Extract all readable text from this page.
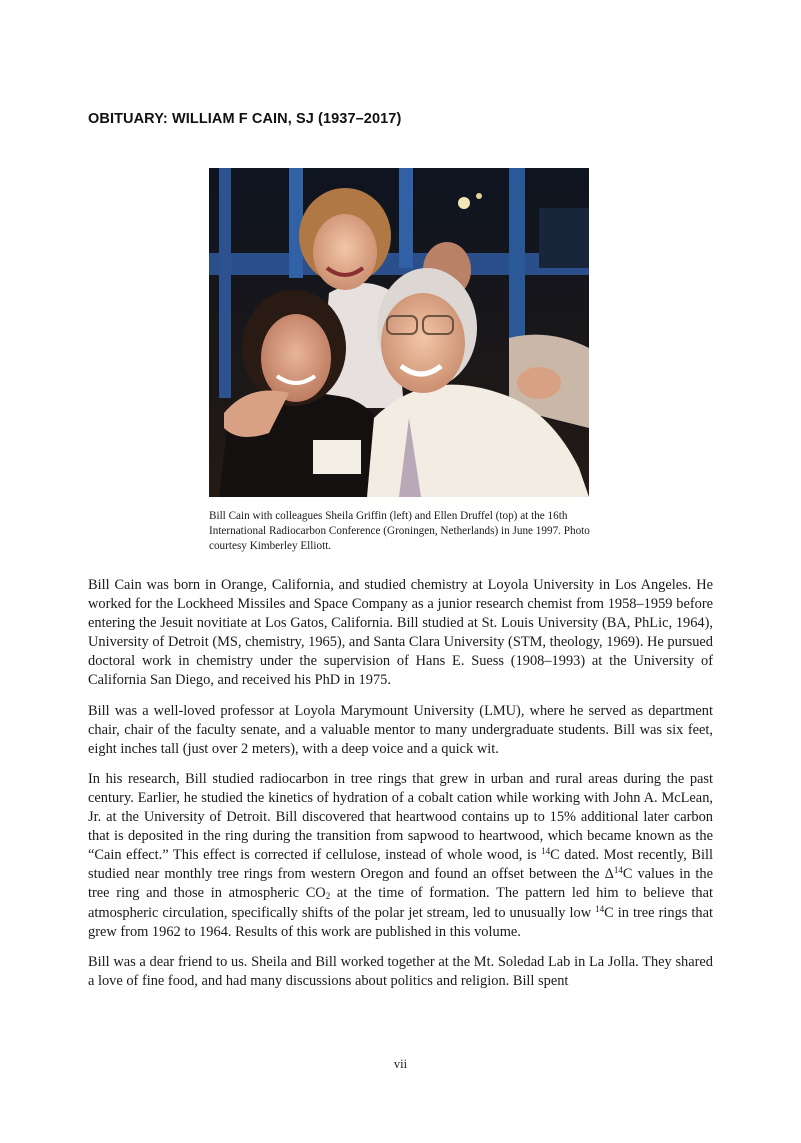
OBITUARY: WILLIAM F CAIN, SJ (1937–2017)
Bill Cain with colleagues Sheila Griffin (left) and Ellen Druffel (top) at the 16th International Radiocarbon Conference (Groningen, Netherlands) in June 1997. Photo courtesy Kimberley Elliott.

Bill Cain was born in Orange, California, and studied chemistry at Loyola University in Los Angeles. He worked for the Lockheed Missiles and Space Company as a junior research chemist from 1958–1959 before entering the Jesuit novitiate at Los Gatos, California. Bill studied at St. Louis University (BA, PhLic, 1964), University of Detroit (MS, chemistry, 1965), and Santa Clara University (STM, theology, 1969). He pursued doctoral work in chemistry under the supervision of Hans E. Suess (1908–1993) at the University of California San Diego, and received his PhD in 1975.

Bill was a well-loved professor at Loyola Marymount University (LMU), where he served as department chair, chair of the faculty senate, and a valuable mentor to many undergraduate students. Bill was six feet, eight inches tall (just over 2 meters), with a deep voice and a quick wit.

In his research, Bill studied radiocarbon in tree rings that grew in urban and rural areas during the past century. Earlier, he studied the kinetics of hydration of a cobalt cation while working with John A. McLean, Jr. at the University of Detroit. Bill discovered that heartwood contains up to 15% additional later carbon that is deposited in the ring during the transition from sapwood to heartwood, which became known as the “Cain effect.” This effect is corrected if cellulose, instead of whole wood, is $^{14}$C dated. Most recently, Bill studied near monthly tree rings from western Oregon and found an offset between the $\Delta^{14}C$ values in the tree ring and those in atmospheric $CO_2$ at the time of formation. The pattern led him to believe that atmospheric circulation, specifically shifts of the polar jet stream, led to unusually low $^{14}$C in tree rings that grew from 1962 to 1964. Results of this work are published in this volume.

Bill was a dear friend to us. Sheila and Bill worked together at the Mt. Soledad Lab in La Jolla. They shared a love of fine food, and had many discussions about politics and religion. Bill spent

vii
